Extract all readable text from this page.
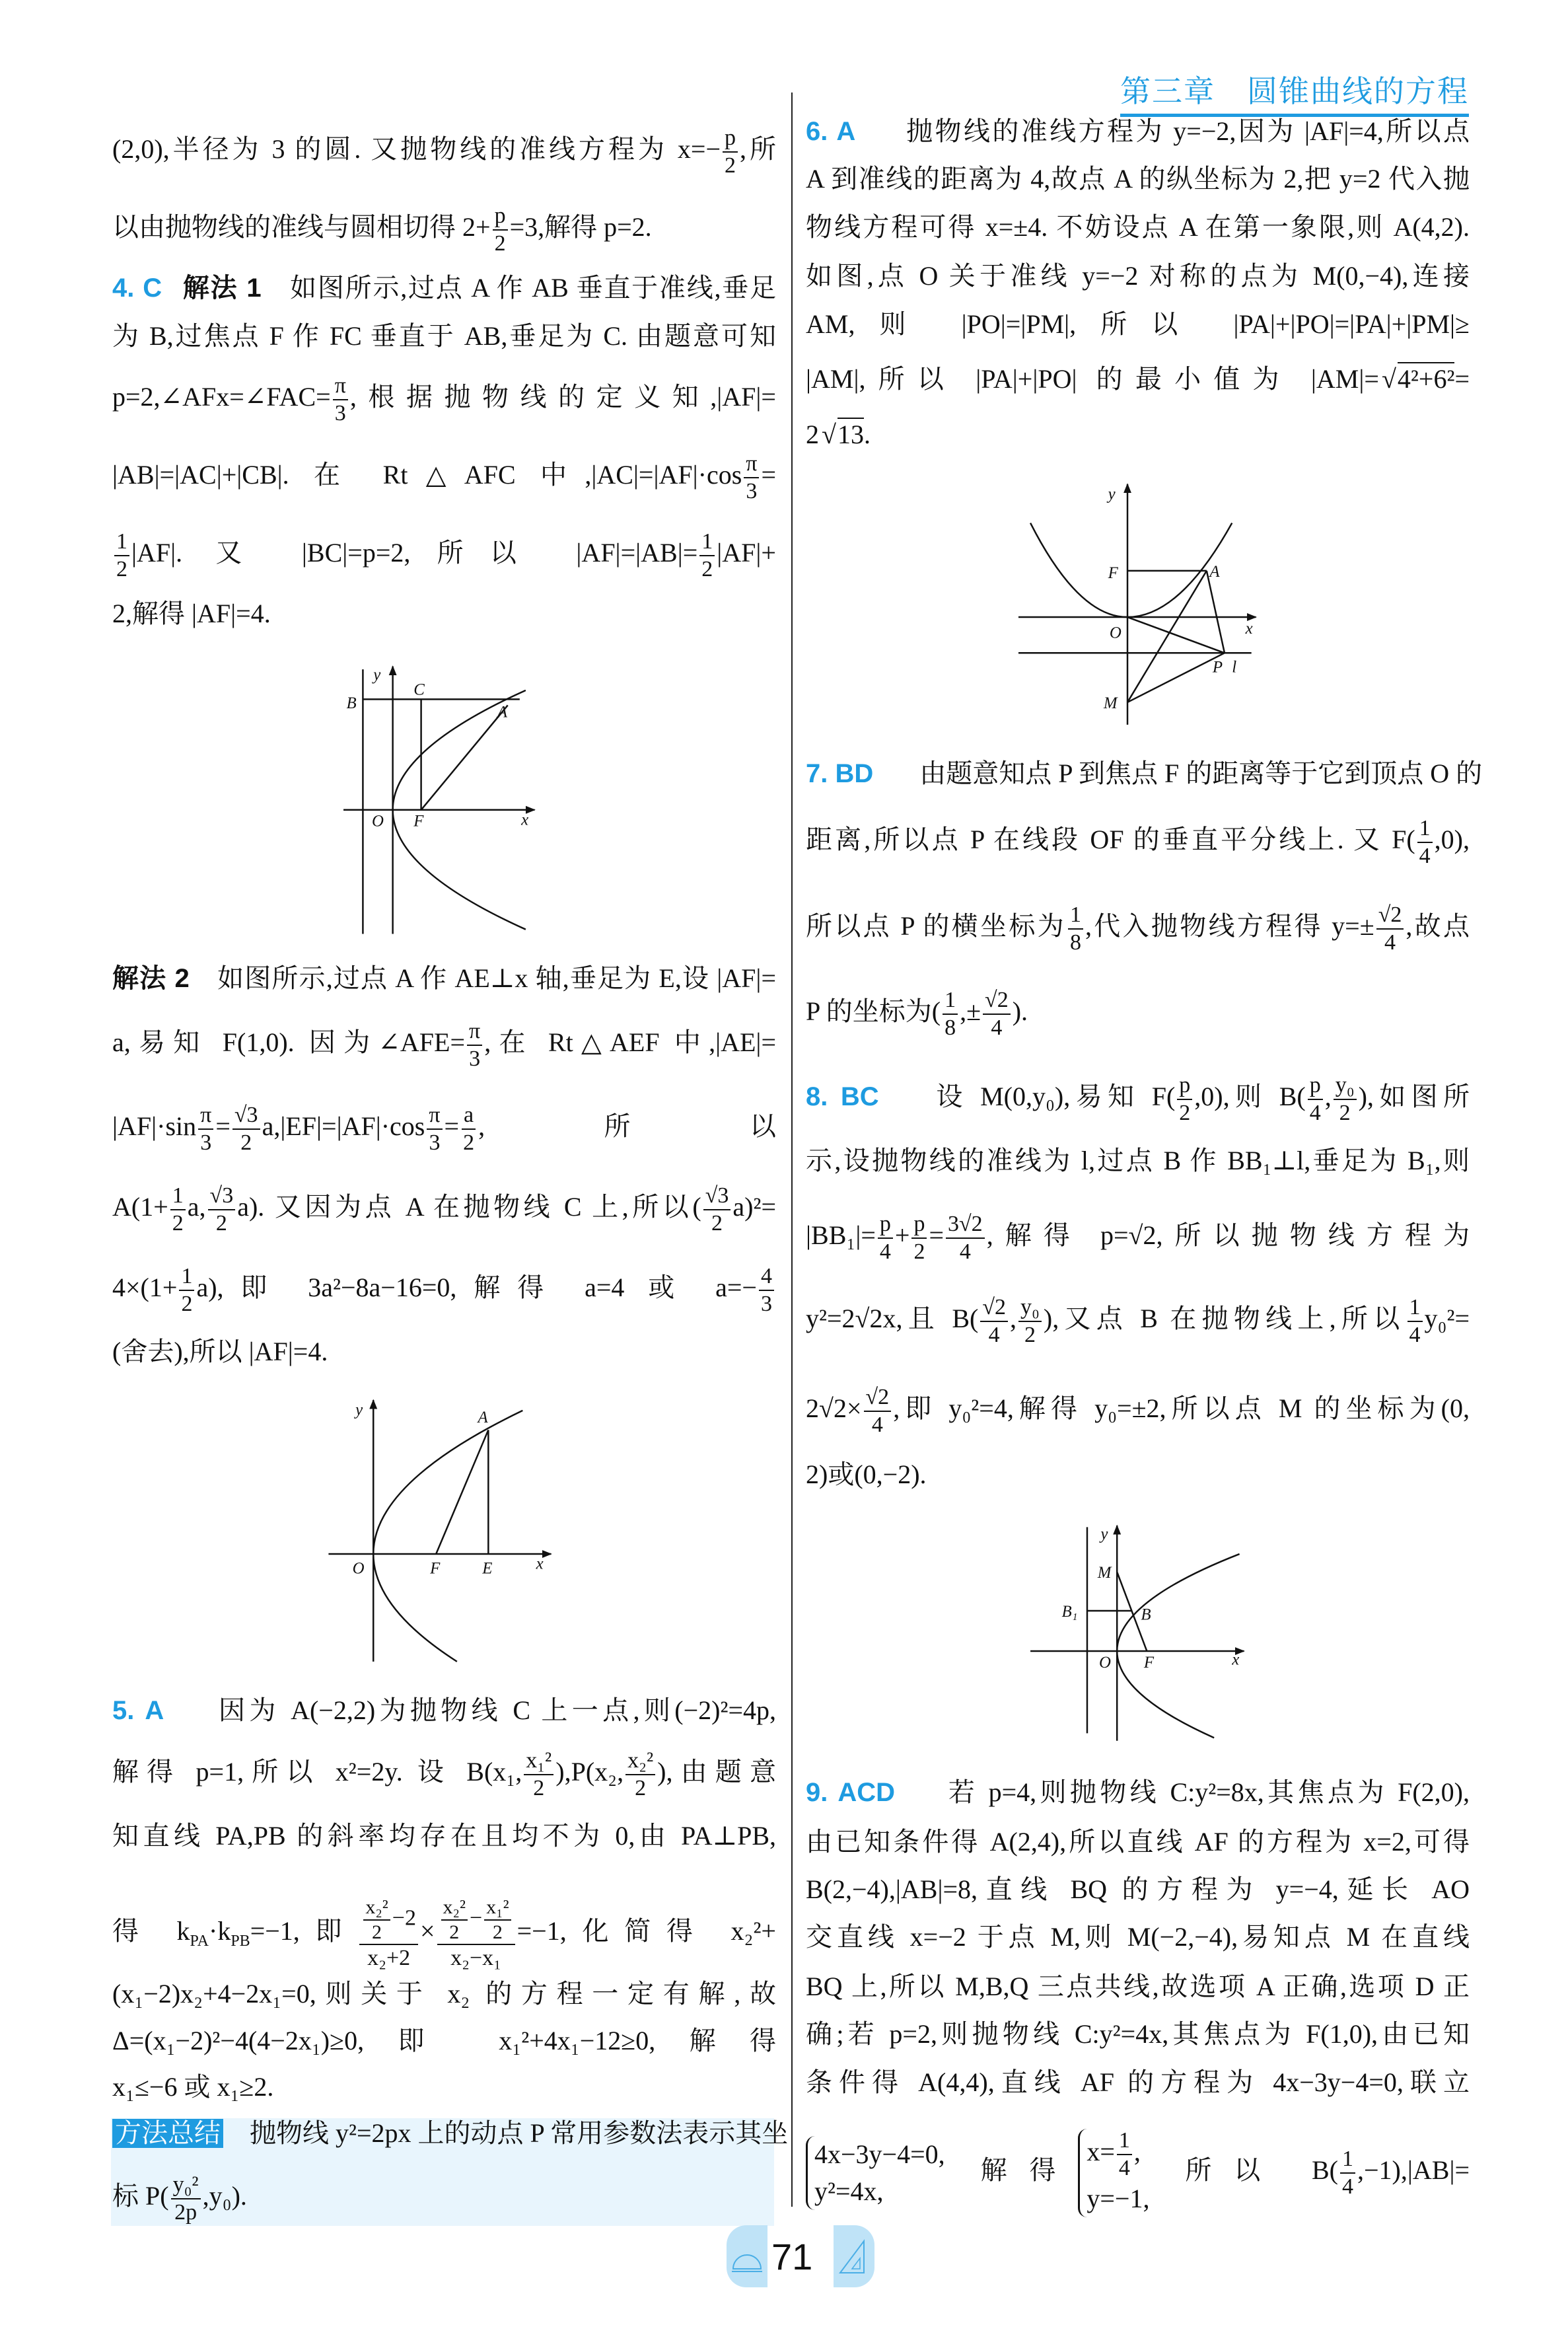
第三章　圆锥曲线的方程
(2,0),半径为 3 的圆. 又抛物线的准线方程为 $x=- \frac{p}{2}$ ,所
以由抛物线的准线与圆相切得 $2+ \frac{p}{2} =3$,解得 p=2.
4. C 解法 1　如图所示,过点 A 作 AB 垂直于准线,垂足
为 B,过焦点 F 作 FC 垂直于 AB,垂足为 C. 由题意可知
p=2,∠AFx=∠FAC= $\frac{\pi}{3}$ ,根据抛物线的定义知,|AF|=
|AB|=|AC|+|CB|. 在 Rt△AFC 中$,|AC|=|AF|\cdot\cos \frac{\pi}{3}$ =
$\frac{1}{2} |AF|$. 又 |BC|=p=2,所以 $|AF|=|AB|= \frac{1}{2} |AF|+$
2,解得 |AF|=4.
解法 2　如图所示,过点 A 作 AE⊥x 轴,垂足为 E,设 |AF|=
a,易知 F(1,0). 因为∠AFE= $\frac{\pi}{3}$ ,在 Rt△AEF 中,|AE|=
$|AF|\cdot\sin \frac{\pi}{3} = \frac{√3}{2} a,|EF|=|AF|\cdot\cos \frac{\pi}{3} = \frac{a}{2}$ ,所以
$A(1+ \frac{1}{2} a$, $\frac{√3}{2} a$). 又因为点 A 在抛物线 C 上,所以( $\frac{√3}{2} a)^2=$
$4\times(1+ \frac{1}{2} a)$,即 3a²−8a−16=0,解得 a=4 或 $a=- \frac{4}{3}$
(舍去),所以 |AF|=4.
5. A　因为 A(−2,2)为抛物线 C 上一点,则(−2)²=4p,
解得 p=1,所以 x²=2y. 设 B(x₁, $\frac{\text{x₁²}}{2} ),P(x_2$, $\frac{\text{x₂²}}{2}$ ),由题意
知直线 PA,PB 的斜率均存在且均不为 0,由 PA⊥PB,
得 $k_{PA}\cdot k_{PB}=-1$,即 $\frac{\frac{\text{x₂²}}{2} -2}{\text{x₂+2}} \times \frac{\frac{\text{x₂²}}{2} - \frac{\text{x₁²}}{2}}{\text{x₂−x₁}} =-1$,化简得 x₂²+
(x₁−2)x₂+4−2x₁=0,则关于 x₂ 的方程一定有解,故
Δ=(x₁−2)²−4(4−2x₁)≥0,即 x₁²+4x₁−12≥0,解得
x₁≤−6 或 x₁≥2.
方法总结　抛物线 y²=2px 上的动点 P 常用参数法表示其坐
标 $P( \frac{\text{y₀²}}{2p} ,y_0)$.
6. A　抛物线的准线方程为 y=−2,因为 |AF|=4,所以点
A 到准线的距离为 4,故点 A 的纵坐标为 2,把 y=2 代入抛
物线方程可得 x=±4. 不妨设点 A 在第一象限,则 A(4,2).
如图,点 O 关于准线 y=−2 对称的点为 M(0,−4),连接
AM,则 |PO|=|PM|,所以 |PA|+|PO|=|PA|+|PM|≥
|AM|,所以 |PA|+|PO| 的最小值为 |AM|= √4²+6²=
2 √13.
7. BD　由题意知点 P 到焦点 F 的距离等于它到顶点 O 的
距离,所以点 P 在线段 OF 的垂直平分线上. 又 $F( \frac{1}{4} ,0)$,
所以点 P 的横坐标为 $\frac{1}{8}$ ,代入抛物线方程得 $y=\pm \frac{√2}{4}$ ,故点
P 的坐标为( $\frac{1}{8}$ ,± $\frac{√2}{4}$ ).
8. BC　设 M(0,y₀),易知 $F( \frac{p}{2} ,0)$,则 $B( \frac{p}{4}$ , $\frac{\text{y₀}}{2}$ ),如图所
示,设抛物线的准线为 l,过点 B 作 BB₁⊥l,垂足为 B₁,则
$|BB_1|= \frac{p}{4} + \frac{p}{2} = \frac{3√2}{4}$ ,解得 p=√2,所以抛物线方程为
y²=2√2x,且 $B( \frac{√2}{4}$ , $\frac{\text{y₀}}{2}$ ),又点 B 在抛物线上,所以 $\frac{1}{4} y_0^2=$
$2√2\times \frac{√2}{4}$ ,即 y₀²=4,解得 y₀=±2,所以点 M 的坐标为(0,
2)或(0,−2).
9. ACD　若 p=4,则抛物线 C:y²=8x,其焦点为 F(2,0),
由已知条件得 A(2,4),所以直线 AF 的方程为 x=2,可得
B(2,−4),|AB|=8,直线 BQ 的方程为 y=−4,延长 AO
交直线 x=−2 于点 M,则 M(−2,−4),易知点 M 在直线
BQ 上,所以 M,B,Q 三点共线,故选项 A 正确,选项 D 正
确;若 p=2,则抛物线 C:y²=4x,其焦点为 F(1,0),由已知
条件得 A(4,4),直线 AF 的方程为 4x−3y−4=0,联立
4x−3y−4=0,
y²=4x,
解得
$x= \frac{1}{4}$ ,
y=−1,
所以 $B( \frac{1}{4} ,-1),|AB|=$
y
B
C
A
O	F	x
y	A
O	F	E	x
y
F	A
O	x
P l
M
y
M
B₁	B
O	F	x
71
